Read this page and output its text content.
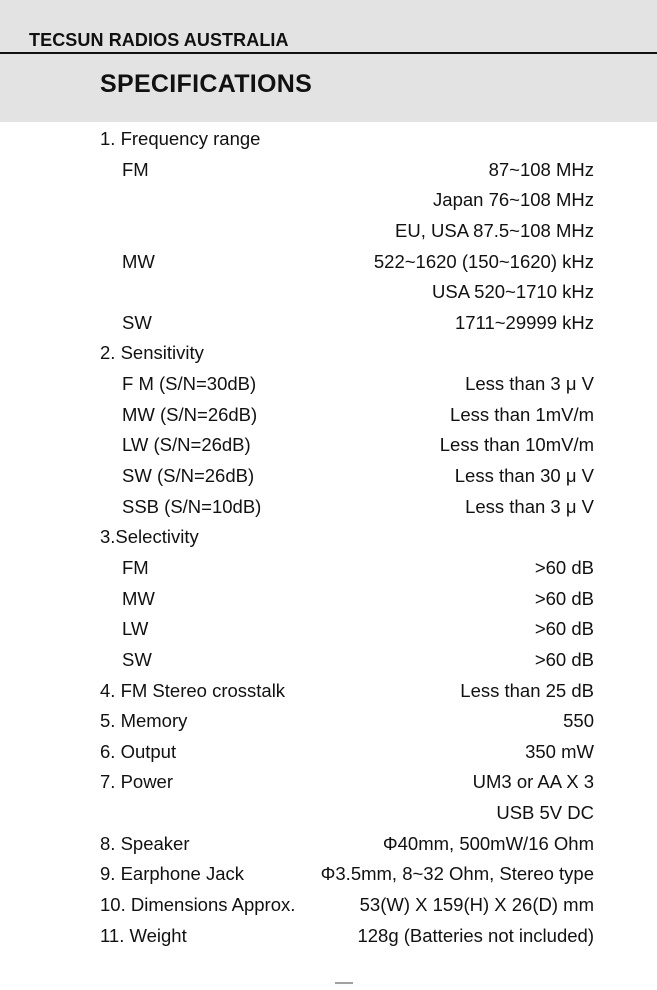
TECSUN RADIOS AUSTRALIA
SPECIFICATIONS
1. Frequency range
FM	87~108 MHz
Japan 76~108 MHz
EU, USA 87.5~108 MHz
MW	522~1620 (150~1620) kHz
USA 520~1710 kHz
SW	1711~29999 kHz
2. Sensitivity
F M (S/N=30dB)	Less than 3 μ V
MW (S/N=26dB)	Less than 1mV/m
LW (S/N=26dB)	Less than 10mV/m
SW (S/N=26dB)	Less than 30 μ V
SSB (S/N=10dB)	Less than 3 μ V
3.Selectivity
FM	>60 dB
MW	>60 dB
LW	>60 dB
SW	>60 dB
4. FM Stereo crosstalk	Less than 25 dB
5. Memory	550
6. Output	350 mW
7. Power	UM3 or AA X 3
USB 5V DC
8. Speaker	Φ40mm, 500mW/16 Ohm
9. Earphone Jack	Φ3.5mm, 8~32 Ohm, Stereo type
10. Dimensions Approx.	53(W) X 159(H) X 26(D) mm
11. Weight	128g (Batteries not included)
